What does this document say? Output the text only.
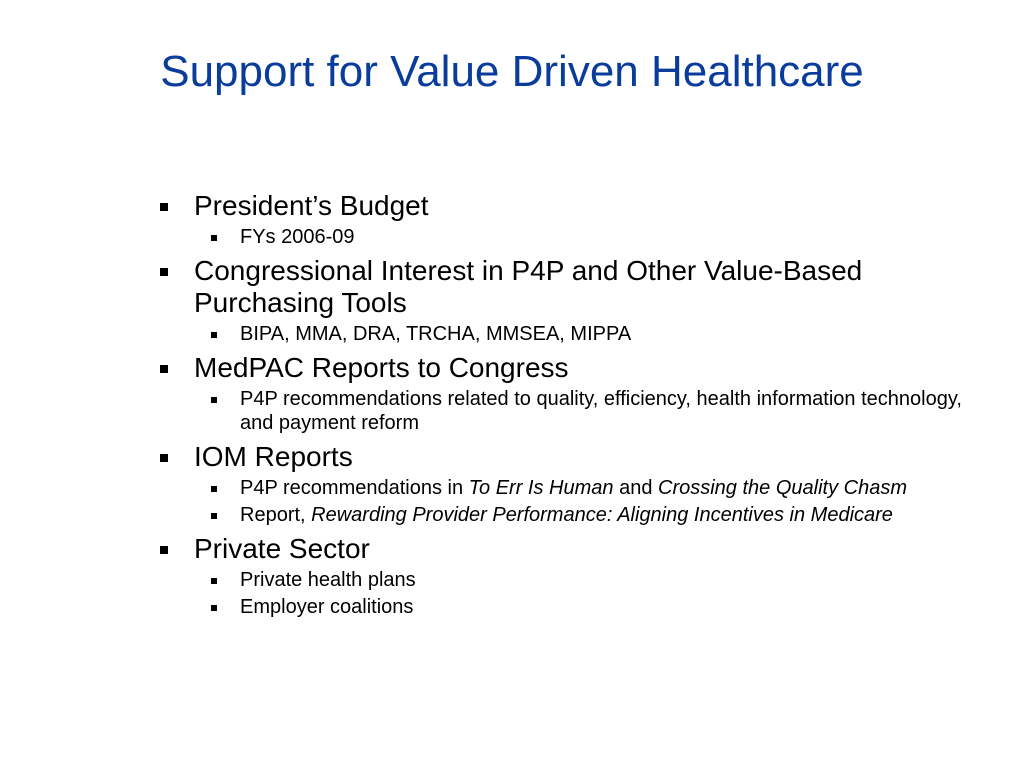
Support for Value Driven Healthcare
President’s Budget
FYs 2006-09
Congressional Interest in P4P and Other Value-Based Purchasing Tools
BIPA, MMA, DRA, TRCHA, MMSEA, MIPPA
MedPAC Reports to Congress
P4P recommendations related to quality, efficiency, health information technology, and payment reform
IOM Reports
P4P recommendations in To Err Is Human and Crossing the Quality Chasm
Report, Rewarding Provider Performance: Aligning Incentives in Medicare
Private Sector
Private health plans
Employer coalitions
